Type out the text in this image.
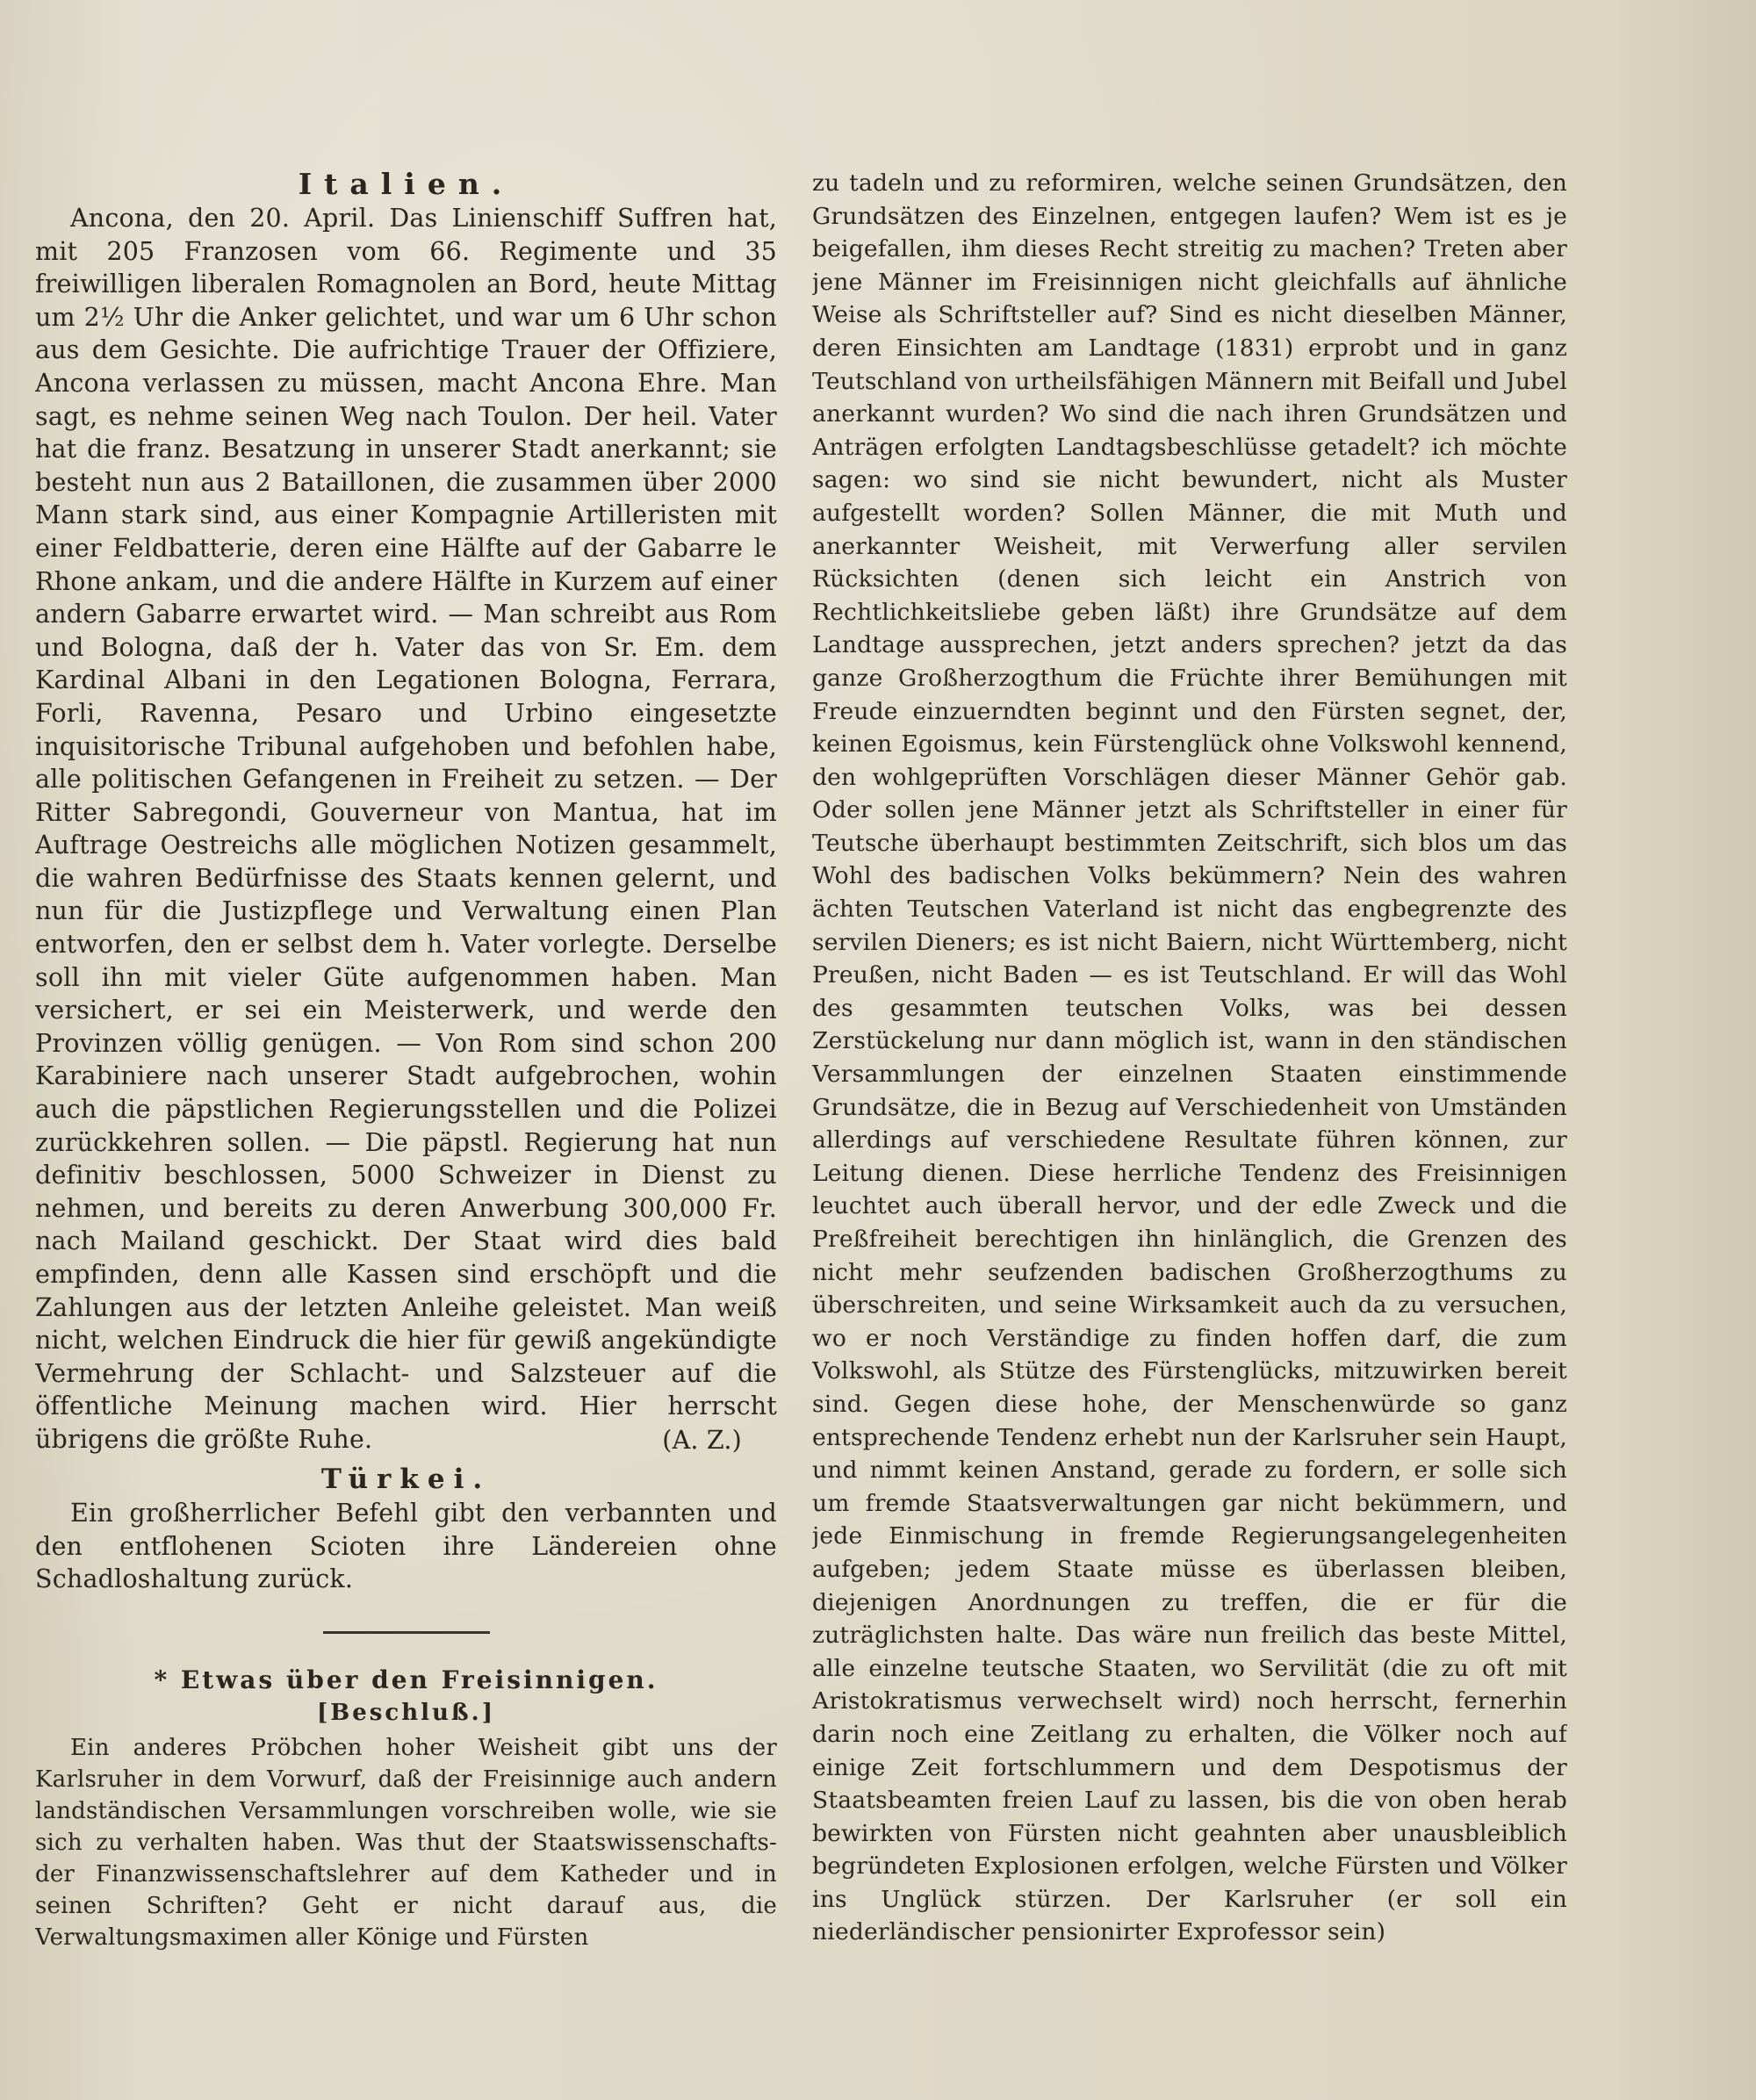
Italien.

Ancona, den 20. April. Das Linienschiff Suffren hat, mit 205 Franzosen vom 66. Regimente und 35 freiwilligen liberalen Romagnolen an Bord, heute Mittag um 2½ Uhr die Anker gelichtet, und war um 6 Uhr schon aus dem Gesichte. Die aufrichtige Trauer der Offiziere, Ancona verlassen zu müssen, macht Ancona Ehre. Man sagt, es nehme seinen Weg nach Toulon. Der heil. Vater hat die franz. Besatzung in unserer Stadt anerkannt; sie besteht nun aus 2 Bataillonen, die zusammen über 2000 Mann stark sind, aus einer Kompagnie Artilleristen mit einer Feldbatterie, deren eine Hälfte auf der Gabarre le Rhone ankam, und die andere Hälfte in Kurzem auf einer andern Gabarre erwartet wird. — Man schreibt aus Rom und Bologna, daß der h. Vater das von Sr. Em. dem Kardinal Albani in den Legationen Bologna, Ferrara, Forli, Ravenna, Pesaro und Urbino eingesetzte inquisitorische Tribunal aufgehoben und befohlen habe, alle politischen Gefangenen in Freiheit zu setzen. — Der Ritter Sabregondi, Gouverneur von Mantua, hat im Auftrage Oestreichs alle möglichen Notizen gesammelt, die wahren Bedürfnisse des Staats kennen gelernt, und nun für die Justizpflege und Verwaltung einen Plan entworfen, den er selbst dem h. Vater vorlegte. Derselbe soll ihn mit vieler Güte aufgenommen haben. Man versichert, er sei ein Meisterwerk, und werde den Provinzen völlig genügen. — Von Rom sind schon 200 Karabiniere nach unserer Stadt aufgebrochen, wohin auch die päpstlichen Regierungsstellen und die Polizei zurückkehren sollen. — Die päpstl. Regierung hat nun definitiv beschlossen, 5000 Schweizer in Dienst zu nehmen, und bereits zu deren Anwerbung 300,000 Fr. nach Mailand geschickt. Der Staat wird dies bald empfinden, denn alle Kassen sind erschöpft und die Zahlungen aus der letzten Anleihe geleistet. Man weiß nicht, welchen Eindruck die hier für gewiß angekündigte Vermehrung der Schlacht- und Salzsteuer auf die öffentliche Meinung machen wird. Hier herrscht übrigens die größte Ruhe.	(A. Z.)
Türkei.

Ein großherrlicher Befehl gibt den verbannten und den entflohenen Scioten ihre Ländereien ohne Schadloshaltung zurück.

* Etwas über den Freisinnigen.
[Beschluß.]

Ein anderes Pröbchen hoher Weisheit gibt uns der Karlsruher in dem Vorwurf, daß der Freisinnige auch andern landständischen Versammlungen vorschreiben wolle, wie sie sich zu verhalten haben. Was thut der Staatswissenschafts- der Finanzwissenschaftslehrer auf dem Katheder und in seinen Schriften? Geht er nicht darauf aus, die Verwaltungsmaximen aller Könige und Fürsten

zu tadeln und zu reformiren, welche seinen Grundsätzen, den Grundsätzen des Einzelnen, entgegen laufen? Wem ist es je beigefallen, ihm dieses Recht streitig zu machen? Treten aber jene Männer im Freisinnigen nicht gleichfalls auf ähnliche Weise als Schriftsteller auf? Sind es nicht dieselben Männer, deren Einsichten am Landtage (1831) erprobt und in ganz Teutschland von urtheilsfähigen Männern mit Beifall und Jubel anerkannt wurden? Wo sind die nach ihren Grundsätzen und Anträgen erfolgten Landtagsbeschlüsse getadelt? ich möchte sagen: wo sind sie nicht bewundert, nicht als Muster aufgestellt worden? Sollen Männer, die mit Muth und anerkannter Weisheit, mit Verwerfung aller servilen Rücksichten (denen sich leicht ein Anstrich von Rechtlichkeitsliebe geben läßt) ihre Grundsätze auf dem Landtage aussprechen, jetzt anders sprechen? jetzt da das ganze Großherzogthum die Früchte ihrer Bemühungen mit Freude einzuerndten beginnt und den Fürsten segnet, der, keinen Egoismus, kein Fürstenglück ohne Volkswohl kennend, den wohlgeprüften Vorschlägen dieser Männer Gehör gab. Oder sollen jene Männer jetzt als Schriftsteller in einer für Teutsche überhaupt bestimmten Zeitschrift, sich blos um das Wohl des badischen Volks bekümmern? Nein des wahren ächten Teutschen Vaterland ist nicht das engbegrenzte des servilen Dieners; es ist nicht Baiern, nicht Württemberg, nicht Preußen, nicht Baden — es ist Teutschland. Er will das Wohl des gesammten teutschen Volks, was bei dessen Zerstückelung nur dann möglich ist, wann in den ständischen Versammlungen der einzelnen Staaten einstimmende Grundsätze, die in Bezug auf Verschiedenheit von Umständen allerdings auf verschiedene Resultate führen können, zur Leitung dienen. Diese herrliche Tendenz des Freisinnigen leuchtet auch überall hervor, und der edle Zweck und die Preßfreiheit berechtigen ihn hinlänglich, die Grenzen des nicht mehr seufzenden badischen Großherzogthums zu überschreiten, und seine Wirksamkeit auch da zu versuchen, wo er noch Verständige zu finden hoffen darf, die zum Volkswohl, als Stütze des Fürstenglücks, mitzuwirken bereit sind. Gegen diese hohe, der Menschenwürde so ganz entsprechende Tendenz erhebt nun der Karlsruher sein Haupt, und nimmt keinen Anstand, gerade zu fordern, er solle sich um fremde Staatsverwaltungen gar nicht bekümmern, und jede Einmischung in fremde Regierungsangelegenheiten aufgeben; jedem Staate müsse es überlassen bleiben, diejenigen Anordnungen zu treffen, die er für die zuträglichsten halte. Das wäre nun freilich das beste Mittel, alle einzelne teutsche Staaten, wo Servilität (die zu oft mit Aristokratismus verwechselt wird) noch herrscht, fernerhin darin noch eine Zeitlang zu erhalten, die Völker noch auf einige Zeit fortschlummern und dem Despotismus der Staatsbeamten freien Lauf zu lassen, bis die von oben herab bewirkten von Fürsten nicht geahnten aber unausbleiblich begründeten Explosionen erfolgen, welche Fürsten und Völker ins Unglück stürzen. Der Karlsruher (er soll ein niederländischer pensionirter Exprofessor sein)
